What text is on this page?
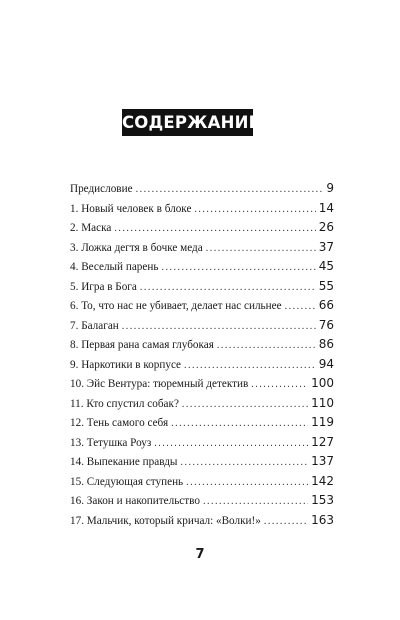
СОДЕРЖАНИЕ
Предисловие . . .	9
1. Новый человек в блоке . . .	14
2. Маска . . .	26
3. Ложка дегтя в бочке меда . . .	37
4. Веселый парень . . .	45
5. Игра в Бога . . .	55
6. То, что нас не убивает, делает нас сильнее . . .	66
7. Балаган . . .	76
8. Первая рана самая глубокая . . .	86
9. Наркотики в корпусе . . .	94
10. Эйс Вентура: тюремный детектив . . .	100
11. Кто спустил собак? . . .	110
12. Тень самого себя . . .	119
13. Тетушка Роуз . . .	127
14. Выпекание правды . . .	137
15. Следующая ступень . . .	142
16. Закон и накопительство . . .	153
17. Мальчик, который кричал: «Волки!» . . .	163
7
